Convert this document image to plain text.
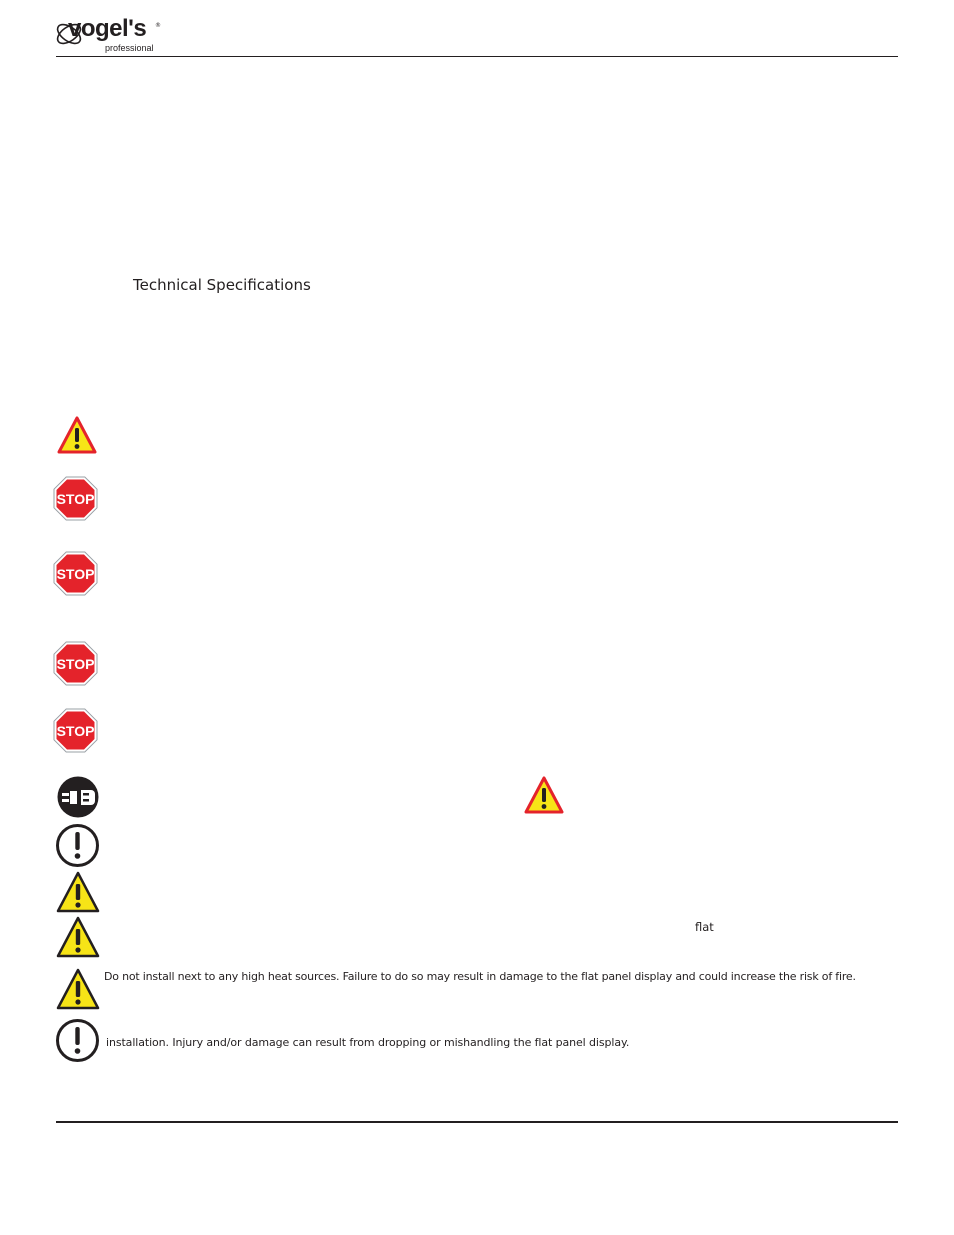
vogel's ®
professional
Technical Specifications
STOP
STOP
STOP
STOP
flat
Do not install next to any high heat sources. Failure to do so may result in damage to the flat panel display and could increase the risk of fire.
installation. Injury and/or damage can result from dropping or mishandling the flat panel display.
